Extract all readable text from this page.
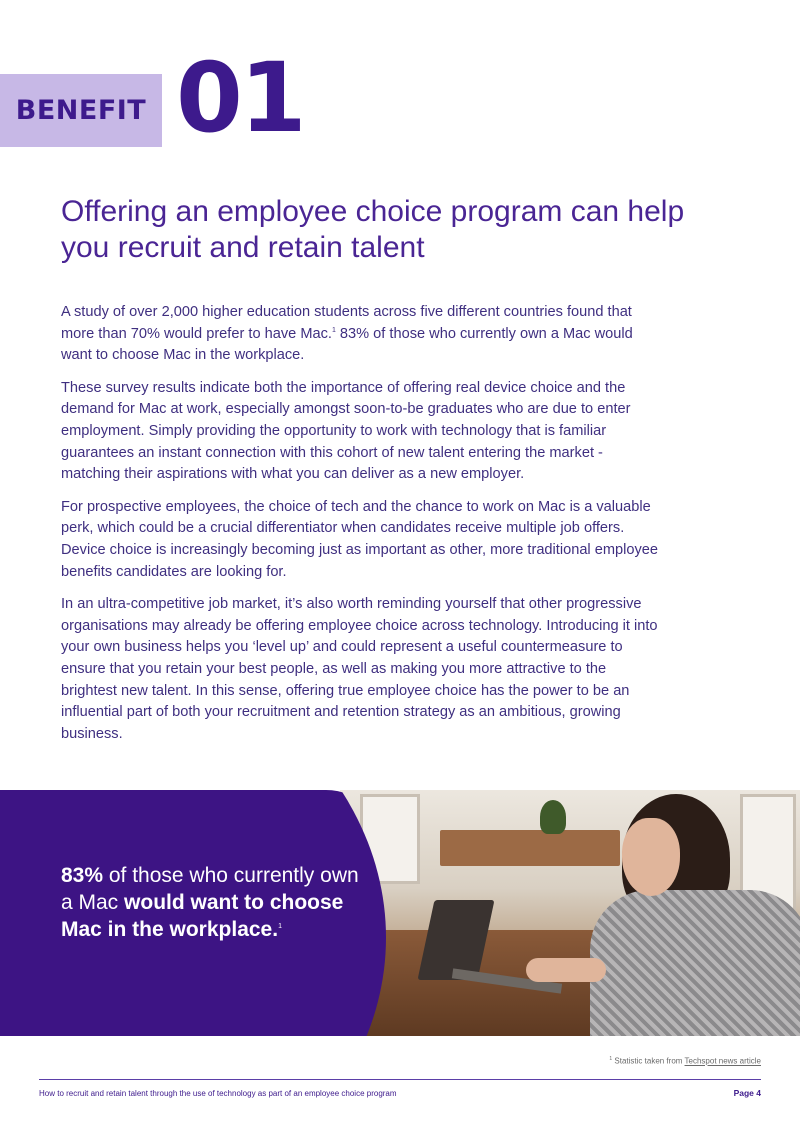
BENEFIT 01
Offering an employee choice program can help you recruit and retain talent

A study of over 2,000 higher education students across five different countries found that more than 70% would prefer to have Mac.$^1$ 83% of those who currently own a Mac would want to choose Mac in the workplace.

These survey results indicate both the importance of offering real device choice and the demand for Mac at work, especially amongst soon-to-be graduates who are due to enter employment. Simply providing the opportunity to work with technology that is familiar guarantees an instant connection with this cohort of new talent entering the market - matching their aspirations with what you can deliver as a new employer.

For prospective employees, the choice of tech and the chance to work on Mac is a valuable perk, which could be a crucial differentiator when candidates receive multiple job offers. Device choice is increasingly becoming just as important as other, more traditional employee benefits candidates are looking for.

In an ultra-competitive job market, it’s also worth reminding yourself that other progressive organisations may already be offering employee choice across technology. Introducing it into your own business helps you ‘level up’ and could represent a useful countermeasure to ensure that you retain your best people, as well as making you more attractive to the brightest new talent. In this sense, offering true employee choice has the power to be an influential part of both your recruitment and retention strategy as an ambitious, growing business.

83% of those who currently own a Mac would want to choose Mac in the workplace.$^1$
$^1$ Statistic taken from Techspot news article
How to recruit and retain talent through the use of technology as part of an employee choice program	Page 4
